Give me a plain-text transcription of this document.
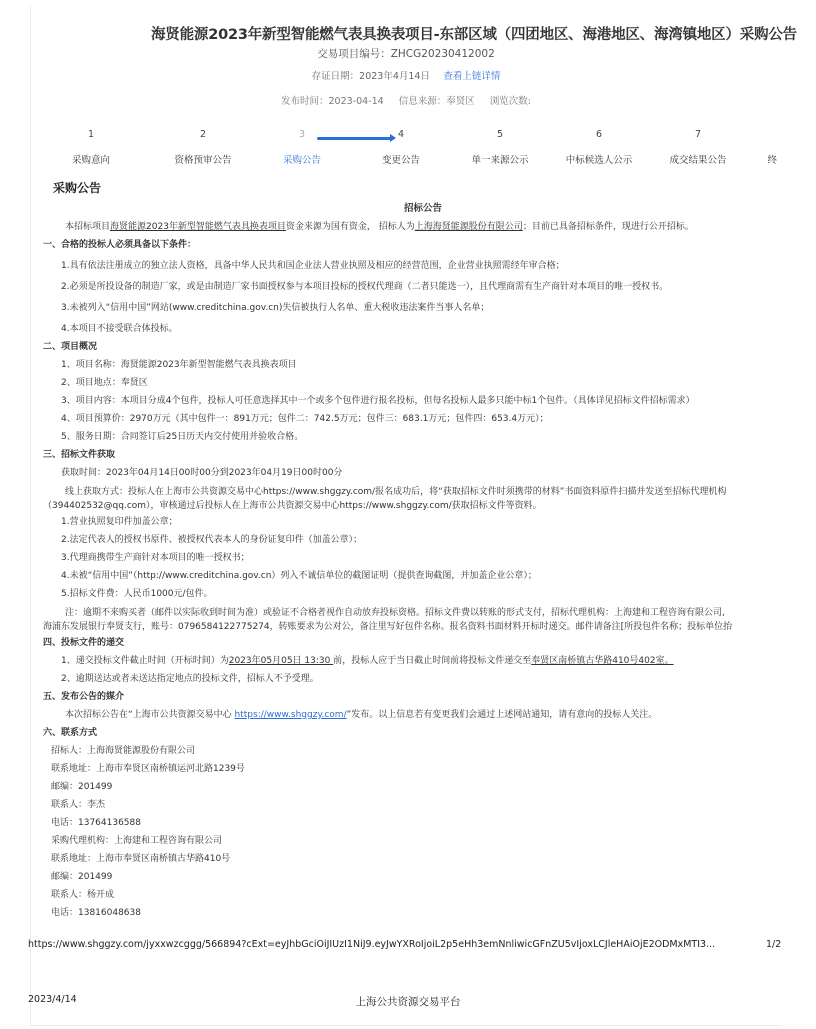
海贤能源2023年新型智能燃气表具换表项目-东部区域（四团地区、海港地区、海湾镇地区）采购公告
交易项目编号：ZHCG20230412002
存证日期：2023年4月14日 查看上链详情
发布时间：2023-04-14 信息来源：奉贤区 浏览次数:
1
采购意向
2
资格预审公告
3
采购公告
4
变更公告
5
单一来源公示
6
中标候选人公示
7
成交结果公告	终
采购公告

招标公告

本招标项目海贤能源2023年新型智能燃气表具换表项目资金来源为国有资金， 招标人为上海海贤能源股份有限公司；目前已具备招标条件，现进行公开招标。

一、合格的投标人必须具备以下条件：

1.具有依法注册成立的独立法人资格，具备中华人民共和国企业法人营业执照及相应的经营范围，企业营业执照需经年审合格；

2.必须是所投设备的制造厂家，或是由制造厂家书面授权参与本项目投标的授权代理商（二者只能选一），且代理商需有生产商针对本项目的唯一授权书。

3.未被列入“信用中国”网站(www.creditchina.gov.cn)失信被执行人名单、重大税收违法案件当事人名单；

4.本项目不接受联合体投标。

二、项目概况

1、项目名称：海贤能源2023年新型智能燃气表具换表项目

2、项目地点：奉贤区

3、项目内容：本项目分成4个包件，投标人可任意选择其中一个或多个包件进行报名投标，但每名投标人最多只能中标1个包件。（具体详见招标文件招标需求）

4、项目预算价：2970万元（其中包件一：891万元；包件二：742.5万元；包件三：683.1万元；包件四：653.4万元）；

5、服务日期：合同签订后25日历天内交付使用并验收合格。

三、招标文件获取

获取时间：2023年04月14日00时00分到2023年04月19日00时00分

线上获取方式：投标人在上海市公共资源交易中心https://www.shggzy.com/报名成功后，将“获取招标文件时须携带的材料”书面资料原件扫描并发送至招标代理机构

（394402532@qq.com），审核通过后投标人在上海市公共资源交易中心https://www.shggzy.com/获取招标文件等资料。

1.营业执照复印件加盖公章；

2.法定代表人的授权书原件、被授权代表本人的身份证复印件（加盖公章）；

3.代理商携带生产商针对本项目的唯一授权书；

4.未被“信用中国”（http://www.creditchina.gov.cn）列入不诚信单位的截图证明（提供查询截图，并加盖企业公章）；

5.招标文件费：人民币1000元/包件。

注：逾期不来购买者（邮件以实际收到时间为准）或验证不合格者视作自动放弃投标资格。招标文件费以转账的形式支付，招标代理机构：上海建和工程咨询有限公司,

海浦东发展银行奉贤支行，账号：0796584122775274，转账要求为公对公，备注里写好包件名称。报名资料书面材料开标时递交。邮件请备注[所投包件名称；投标单位抬

四、投标文件的递交

1、递交投标文件截止时间（开标时间）为2023年05月05日 13:30 前，投标人应于当日截止时间前将投标文件递交至奉贤区南桥镇古华路410号402室。

2、逾期送达或者未送达指定地点的投标文件，招标人不予受理。

五、发布公告的媒介

本次招标公告在“上海市公共资源交易中心 https://www.shggzy.com/”发布。以上信息若有变更我们会通过上述网站通知，请有意向的投标人关注。

六、联系方式

招标人：上海海贤能源股份有限公司

联系地址：上海市奉贤区南桥镇运河北路1239号

邮编：201499

联系人：李杰

电话：13764136588

采购代理机构：上海建和工程咨询有限公司

联系地址：上海市奉贤区南桥镇古华路410号

邮编：201499

联系人：杨开成

电话：13816048638

https://www.shggzy.com/jyxxwzcggg/566894?cExt=eyJhbGciOiJIUzI1NiJ9.eyJwYXRoIjoiL2p5eHh3emNnliwicGFnZU5vIjoxLCJleHAiOjE2ODMxMTI3...	1/2
2023/4/14	上海公共资源交易平台
